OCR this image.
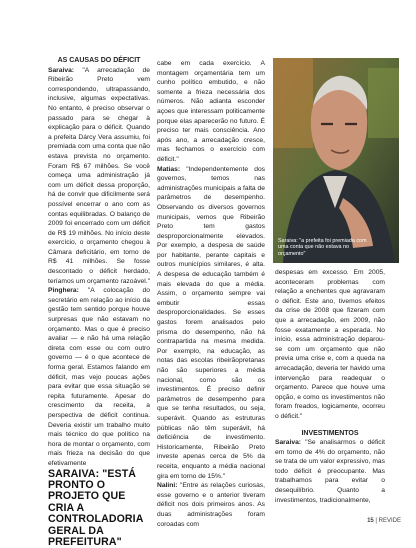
AS CAUSAS DO DÉFICIT

Saraiva: "A arrecadação de Ribeirão Preto vem correspondendo, ultrapassando, inclusive, algumas expectativas. No entanto, é preciso observar o passado para se chegar à explicação para o déficit. Quando a prefeita Dárcy Vera assumiu, foi premiada com uma conta que não estava prevista no orçamento. Foram R$ 67 milhões. Se você começa uma administração já com um déficit dessa proporção, há de convir que dificilmente será possível encerrar o ano com as contas equilibradas. O balanço de 2009 foi encerrado com um déficit de R$ 19 milhões. No início deste exercício, o orçamento chegou à Câmara deficitário, em torno de R$ 41 milhões. Se fosse descontado o déficit herdado, teríamos um orçamento razoável."

Pinghera: "A colocação do secretário em relação ao início da gestão tem sentido porque houve surpresas que não estavam no orçamento. Mas o que é preciso avaliar — e não há uma relação direta com esse ou com outro governo — é o que acontece de forma geral. Estamos falando em déficit, mas vejo poucas ações para evitar que essa situação se repita futuramente. Apesar do crescimento da receita, a perspectiva de déficit continua. Deveria existir um trabalho muito mais técnico do que político na hora de montar o orçamento, com mais frieza na decisão do que efetivamente

SARAIVA: "ESTÁ PRONTO O PROJETO QUE CRIA A CONTROLADORIA GERAL DA PREFEITURA"

cabe em cada exercício. A montagem orçamentária tem um cunho político embutido, e não somente a frieza necessária dos números. Não adianta esconder açoes que interessam politicamente porque elas aparecerão no futuro. É preciso ter mais consciência. Ano após ano, a arrecadação cresce, mas fechamos o exercício com déficit."

Matias: "Independentemente dos governos, temos nas administrações municipais a falta de parâmetros de desempenho. Observando os diversos governos municipais, vemos que Ribeirão Preto tem gastos desproporcionalmente elevados. Por exemplo, a despesa de saúde por habitante, perante capitais e outros municípios similares, é alta. A despesa de educação também é mais elevada do que a média. Assim, o orçamento sempre vai embutir essas desproporcionalidades. Se esses gastos forem analisados pelo prisma do desempenho, não há contrapartida na mesma medida. Por exemplo, na educação, as notas das escolas ribeirãopretanas não são superiores a média nacional, como são os investimentos. É preciso definir parâmetros de desempenho para que se tenha resultados, ou seja, superávit. Quando as estruturas públicas não têm superávit, há deficiência de investimento. Historicamente, Ribeirão Preto investe apenas cerca de 5% da receita, enquanto a média nacional gira em torno de 15%."

Nalini: "Entre as relações curiosas, esse governo e o anterior tiveram déficit nos dois primeiros anos. As duas administrações foram coroadas com

Saraiva: "a prefeita foi premiada com uma conta que não estava no orçamento"

despesas em excesso. Em 2005, aconteceram problemas com relação a enchentes que agravaram o déficit. Este ano, tivemos efeitos da crise de 2008 que fizeram com que a arrecadação, em 2009, não fosse exatamente a esperada. No início, essa administração deparou-se com um orçamento que não previa uma crise e, com a queda na arrecadação, deveria ter havido uma intervenção para readequar o orçamento. Parece que houve uma opção, e como os investimentos não foram freados, logicamente, ocorreu o déficit."

INVESTIMENTOS

Saraiva: "Se analisarmos o déficit em torno de 4% do orçamento, não se trata de um valor expressivo, mas todo déficit é preocupante. Mas trabalhamos para evitar o desequilíbrio. Quanto a investimentos, tradicionalmente,

15 | REVIDE
